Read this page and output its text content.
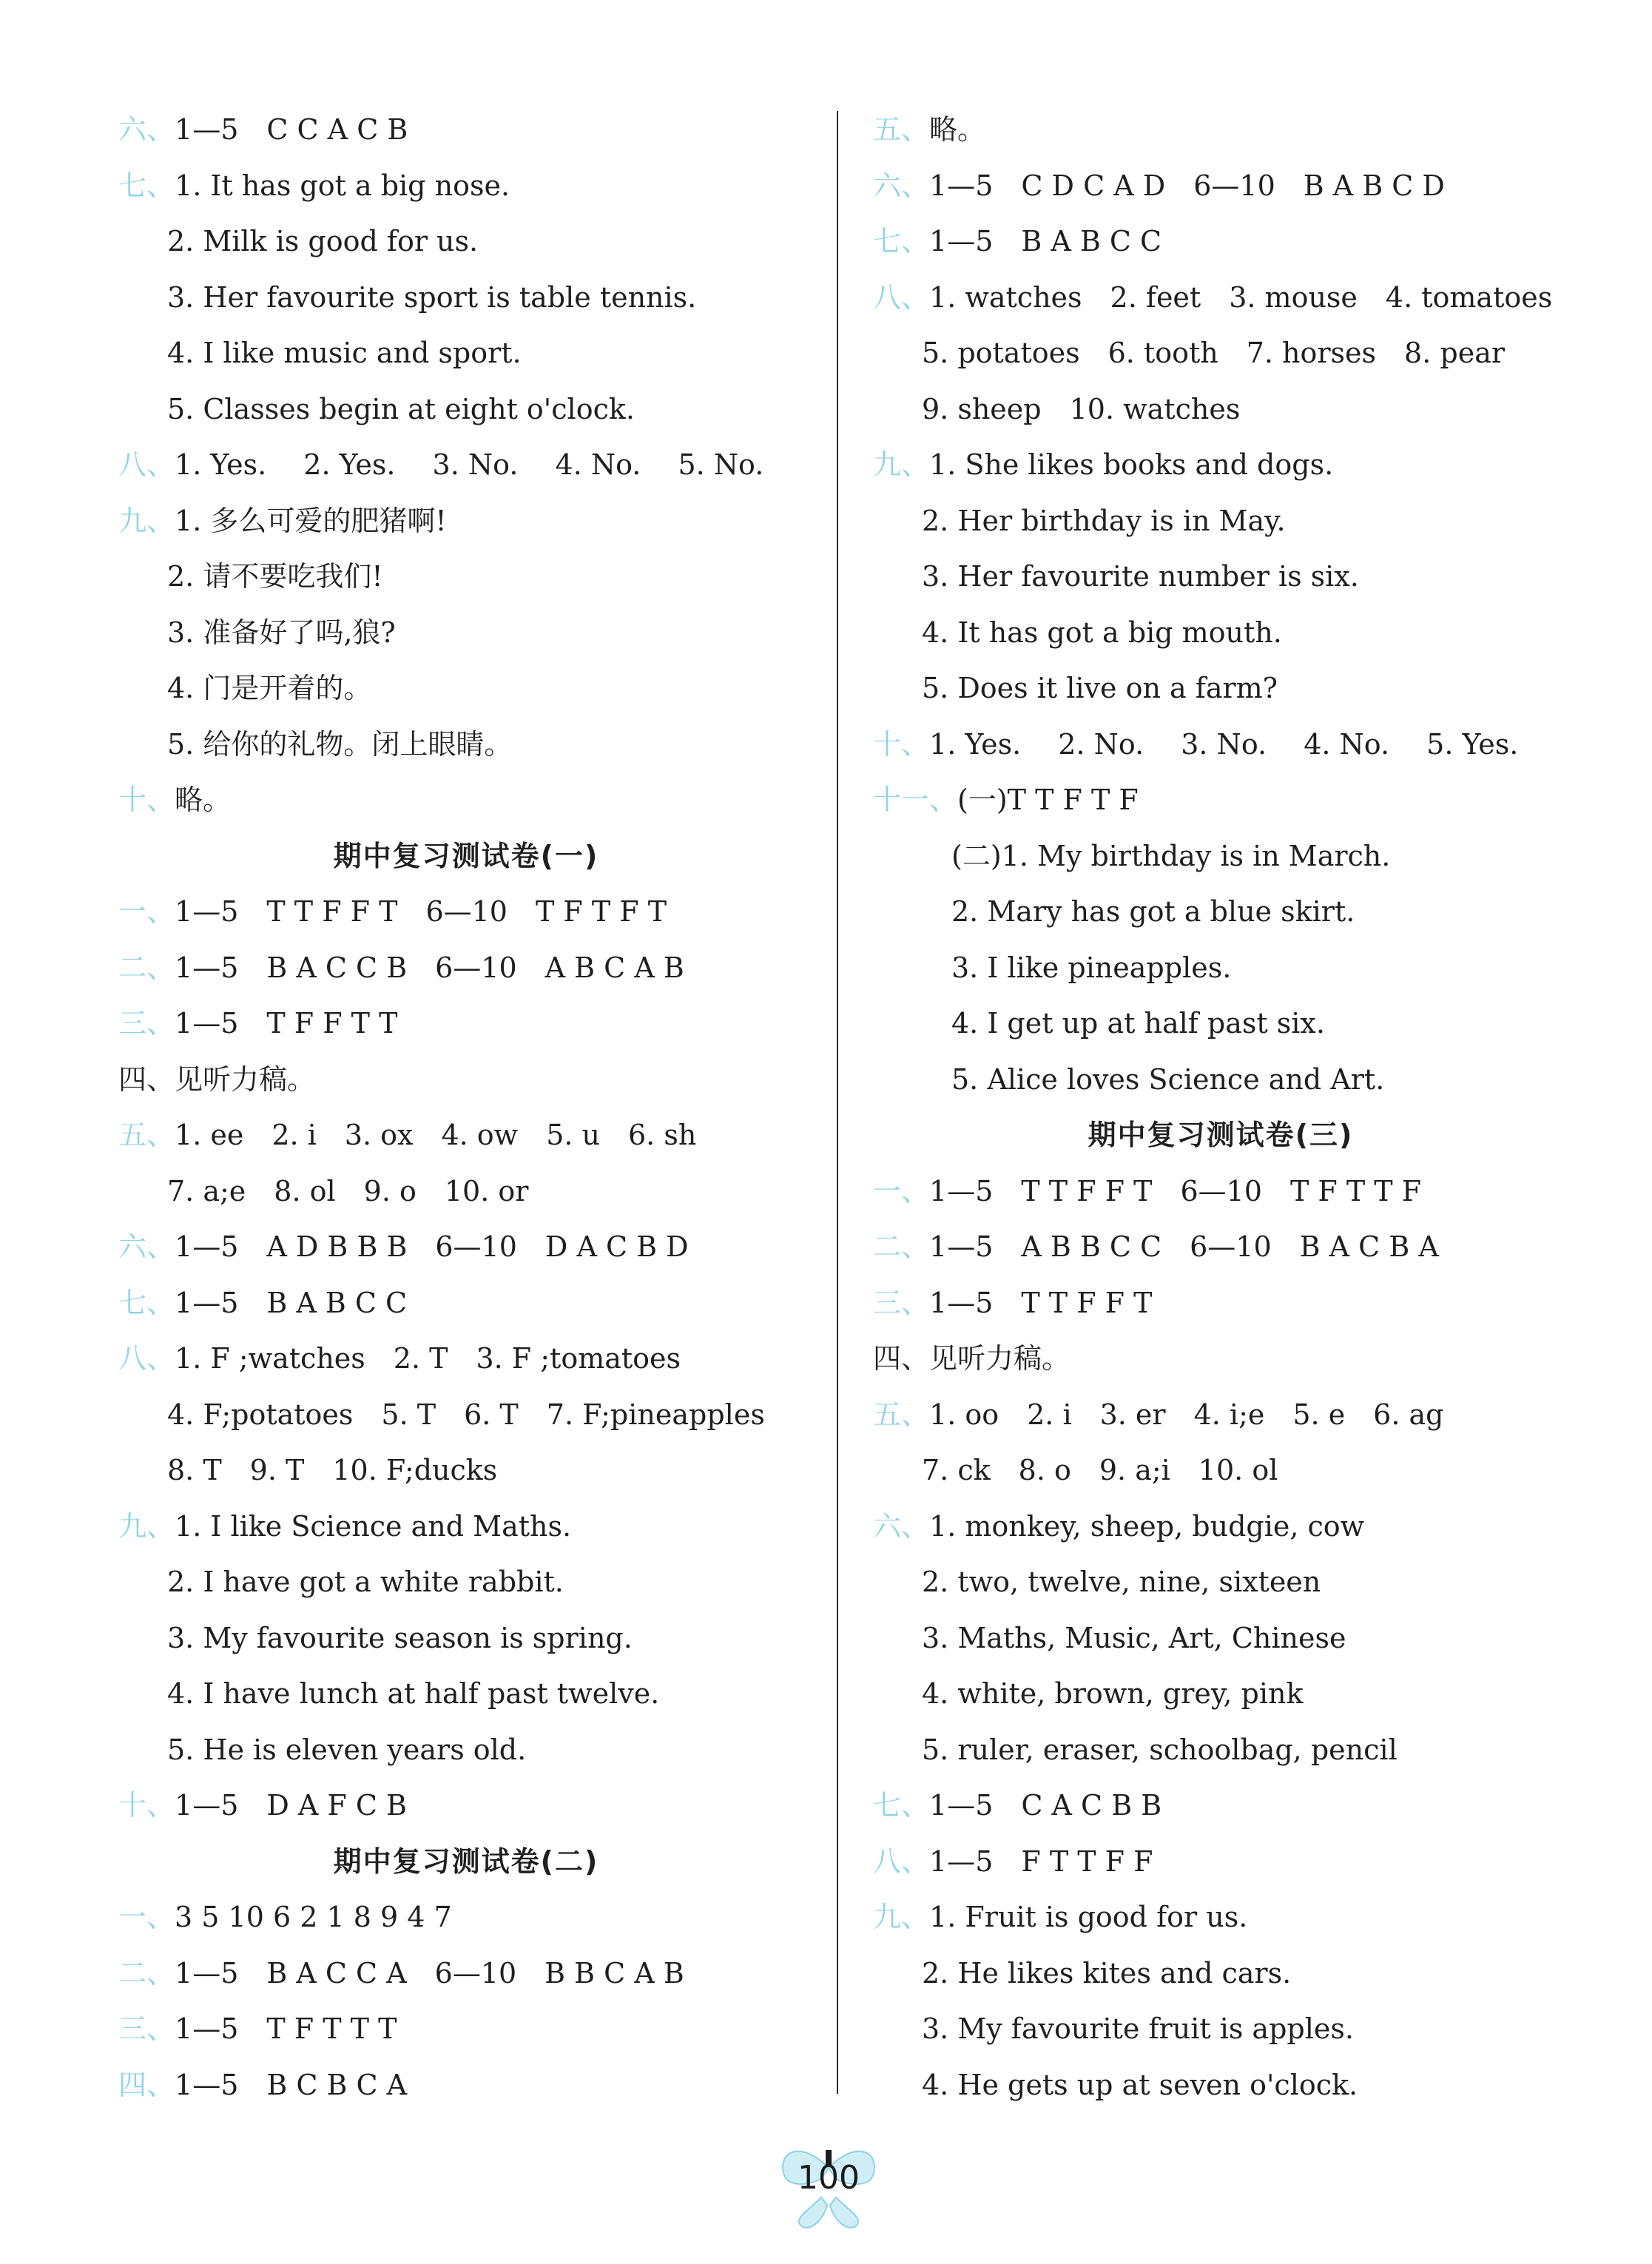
六、1—5　C C A C B
七、1. It has got a big nose.
2. Milk is good for us.
3. Her favourite sport is table tennis.
4. I like music and sport.
5. Classes begin at eight o'clock.
八、1. Yes.　 2. Yes.　 3. No.　 4. No.　 5. No.
九、1. 多么可爱的肥猪啊!
2. 请不要吃我们!
3. 准备好了吗,狼?
4. 门是开着的。
5. 给你的礼物。闭上眼睛。
十、略。
期中复习测试卷(一)
一、1—5　T T F F T　6—10　T F T F T
二、1—5　B A C C B　6—10　A B C A B
三、1—5　T F F T T
四、见听力稿。
五、1. ee　2. i　3. ox　4. ow　5. u　6. sh
7. a;e　8. ol　9. o　10. or
六、1—5　A D B B B　6—10　D A C B D
七、1—5　B A B C C
八、1. F ;watches　2. T　3. F ;tomatoes
4. F;potatoes　5. T　6. T　7. F;pineapples
8. T　9. T　10. F;ducks
九、1. I like Science and Maths.
2. I have got a white rabbit.
3. My favourite season is spring.
4. I have lunch at half past twelve.
5. He is eleven years old.
十、1—5　D A F C B
期中复习测试卷(二)
一、3 5 10 6 2 1 8 9 4 7
二、1—5　B A C C A　6—10　B B C A B
三、1—5　T F T T T
四、1—5　B C B C A
五、略。
六、1—5　C D C A D　6—10　B A B C D
七、1—5　B A B C C
八、1. watches　2. feet　3. mouse　4. tomatoes
5. potatoes　6. tooth　7. horses　8. pear
9. sheep　10. watches
九、1. She likes books and dogs.
2. Her birthday is in May.
3. Her favourite number is six.
4. It has got a big mouth.
5. Does it live on a farm?
十、1. Yes.　 2. No.　 3. No.　 4. No.　 5. Yes.
十一、(一)T T F T F
(二)1. My birthday is in March.
2. Mary has got a blue skirt.
3. I like pineapples.
4. I get up at half past six.
5. Alice loves Science and Art.
期中复习测试卷(三)
一、1—5　T T F F T　6—10　T F T T F
二、1—5　A B B C C　6—10　B A C B A
三、1—5　T T F F T
四、见听力稿。
五、1. oo　2. i　3. er　4. i;e　5. e　6. ag
7. ck　8. o　9. a;i　10. ol
六、1. monkey, sheep, budgie, cow
2. two, twelve, nine, sixteen
3. Maths, Music, Art, Chinese
4. white, brown, grey, pink
5. ruler, eraser, schoolbag, pencil
七、1—5　C A C B B
八、1—5　F T T F F
九、1. Fruit is good for us.
2. He likes kites and cars.
3. My favourite fruit is apples.
4. He gets up at seven o'clock.
100
